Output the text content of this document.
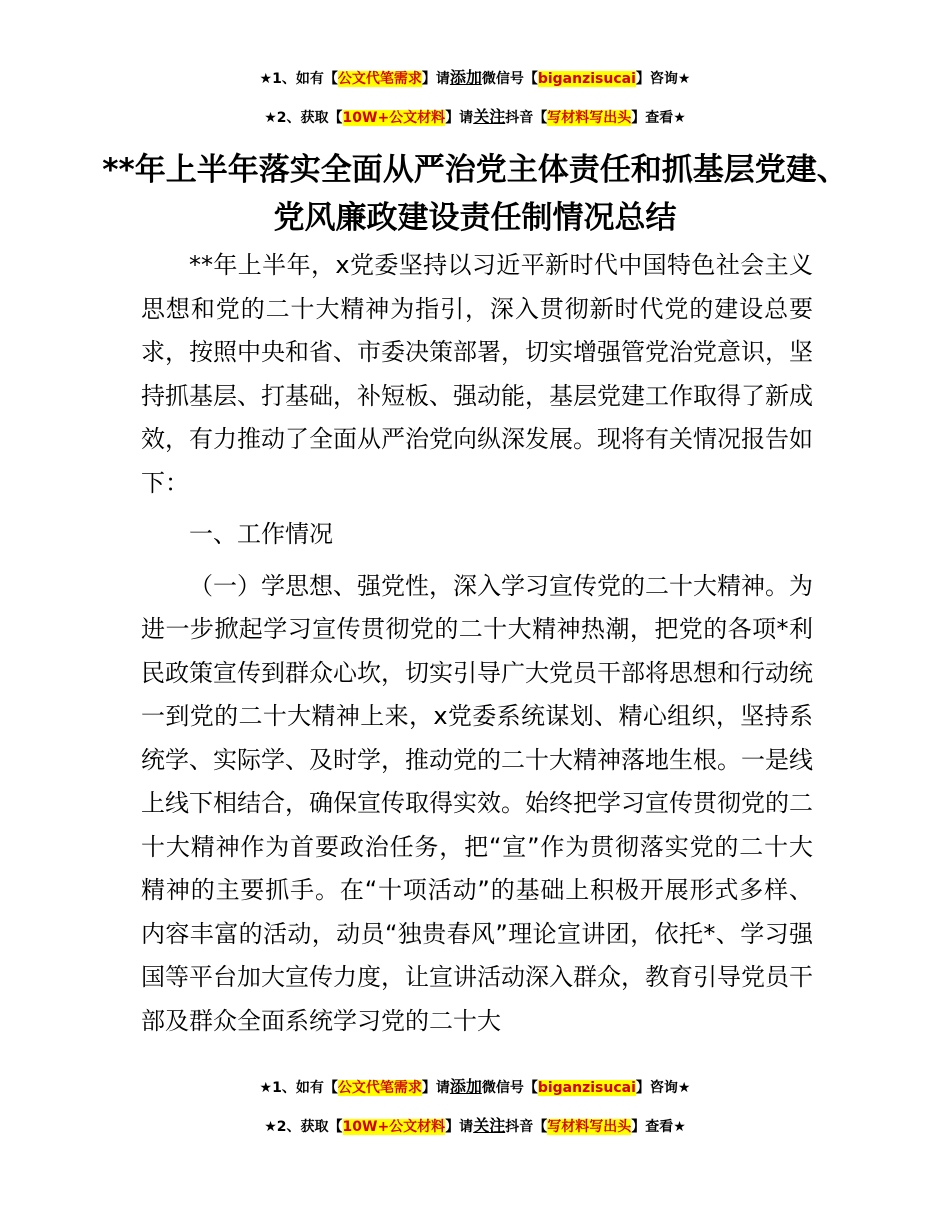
★1、如有【公文代笔需求】请添加微信号【biganzisucai】咨询★
★2、获取【10W+公文材料】请关注抖音【写材料写出头】查看★
**年上半年落实全面从严治党主体责任和抓基层党建、党风廉政建设责任制情况总结

**年上半年，x党委坚持以习近平新时代中国特色社会主义思想和党的二十大精神为指引，深入贯彻新时代党的建设总要求，按照中央和省、市委决策部署，切实增强管党治党意识，坚持抓基层、打基础，补短板、强动能，基层党建工作取得了新成效，有力推动了全面从严治党向纵深发展。现将有关情况报告如下：

一、工作情况

（一）学思想、强党性，深入学习宣传党的二十大精神。为进一步掀起学习宣传贯彻党的二十大精神热潮，把党的各项*利民政策宣传到群众心坎，切实引导广大党员干部将思想和行动统一到党的二十大精神上来，x党委系统谋划、精心组织，坚持系统学、实际学、及时学，推动党的二十大精神落地生根。一是线上线下相结合，确保宣传取得实效。始终把学习宣传贯彻党的二十大精神作为首要政治任务，把“宣”作为贯彻落实党的二十大精神的主要抓手。在“十项活动”的基础上积极开展形式多样、内容丰富的活动，动员“独贵春风”理论宣讲团，依托*、学习强国等平台加大宣传力度，让宣讲活动深入群众，教育引导党员干部及群众全面系统学习党的二十大

★1、如有【公文代笔需求】请添加微信号【biganzisucai】咨询★
★2、获取【10W+公文材料】请关注抖音【写材料写出头】查看★
